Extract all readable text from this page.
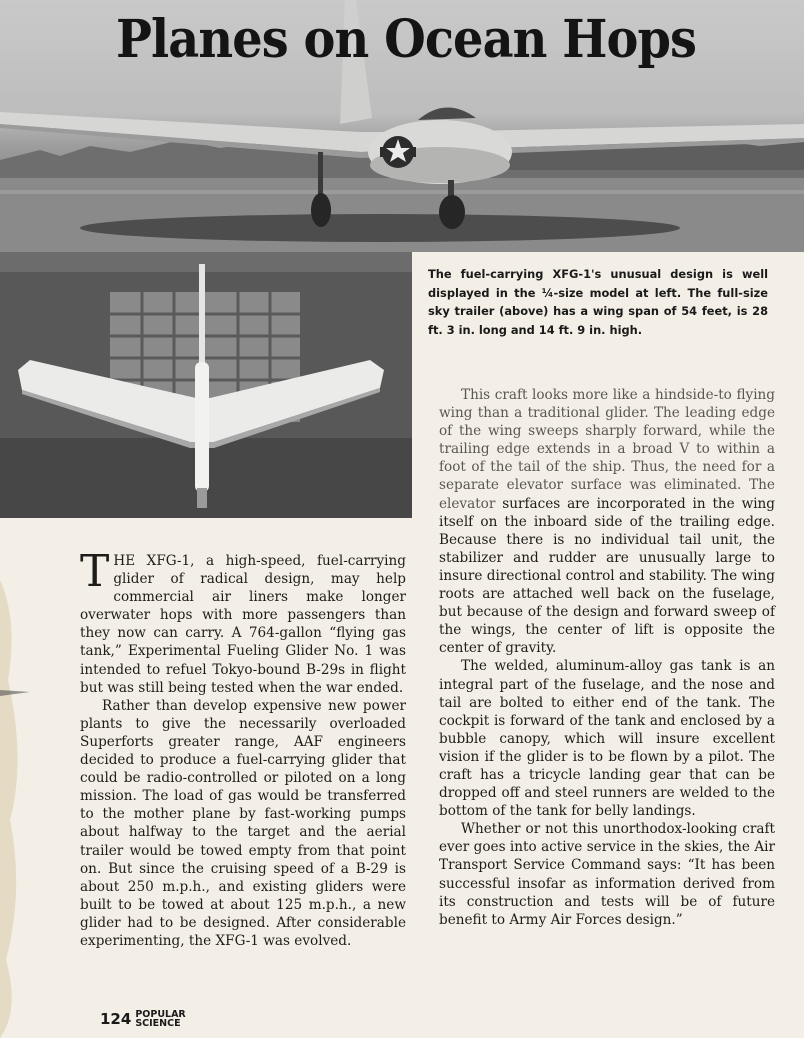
Planes on Ocean Hops
The fuel-carrying XFG-1's unusual design is well displayed in the ¼-size model at left. The full-size sky trailer (above) has a wing span of 54 feet, is 28 ft. 3 in. long and 14 ft. 9 in. high.

THE XFG-1, a high-speed, fuel-carrying glider of radical design, may help commercial air liners make longer overwater hops with more passengers than they now can carry. A 764-gallon “flying gas tank,” Experimental Fueling Glider No. 1 was intended to refuel Tokyo-bound B-29s in flight but was still being tested when the war ended.

Rather than develop expensive new power plants to give the necessarily overloaded Superforts greater range, AAF engineers decided to produce a fuel-carrying glider that could be radio-controlled or piloted on a long mission. The load of gas would be transferred to the mother plane by fast-working pumps about halfway to the target and the aerial trailer would be towed empty from that point on. But since the cruising speed of a B-29 is about 250 m.p.h., and existing gliders were built to be towed at about 125 m.p.h., a new glider had to be designed. After considerable experimenting, the XFG-1 was evolved.

This craft looks more like a hindside-to flying wing than a traditional glider. The leading edge of the wing sweeps sharply forward, while the trailing edge extends in a broad V to within a foot of the tail of the ship. Thus, the need for a separate elevator surface was eliminated. The elevator surfaces are incorporated in the wing itself on the inboard side of the trailing edge. Because there is no individual tail unit, the stabilizer and rudder are unusually large to insure directional control and stability. The wing roots are attached well back on the fuselage, but because of the design and forward sweep of the wings, the center of lift is opposite the center of gravity.

The welded, aluminum-alloy gas tank is an integral part of the fuselage, and the nose and tail are bolted to either end of the tank. The cockpit is forward of the tank and enclosed by a bubble canopy, which will insure excellent vision if the glider is to be flown by a pilot. The craft has a tricycle landing gear that can be dropped off and steel runners are welded to the bottom of the tank for belly landings.

Whether or not this unorthodox-looking craft ever goes into active service in the skies, the Air Transport Service Command says: “It has been successful insofar as information derived from its construction and tests will be of future benefit to Army Air Forces design.”

124 POPULAR
SCIENCE
